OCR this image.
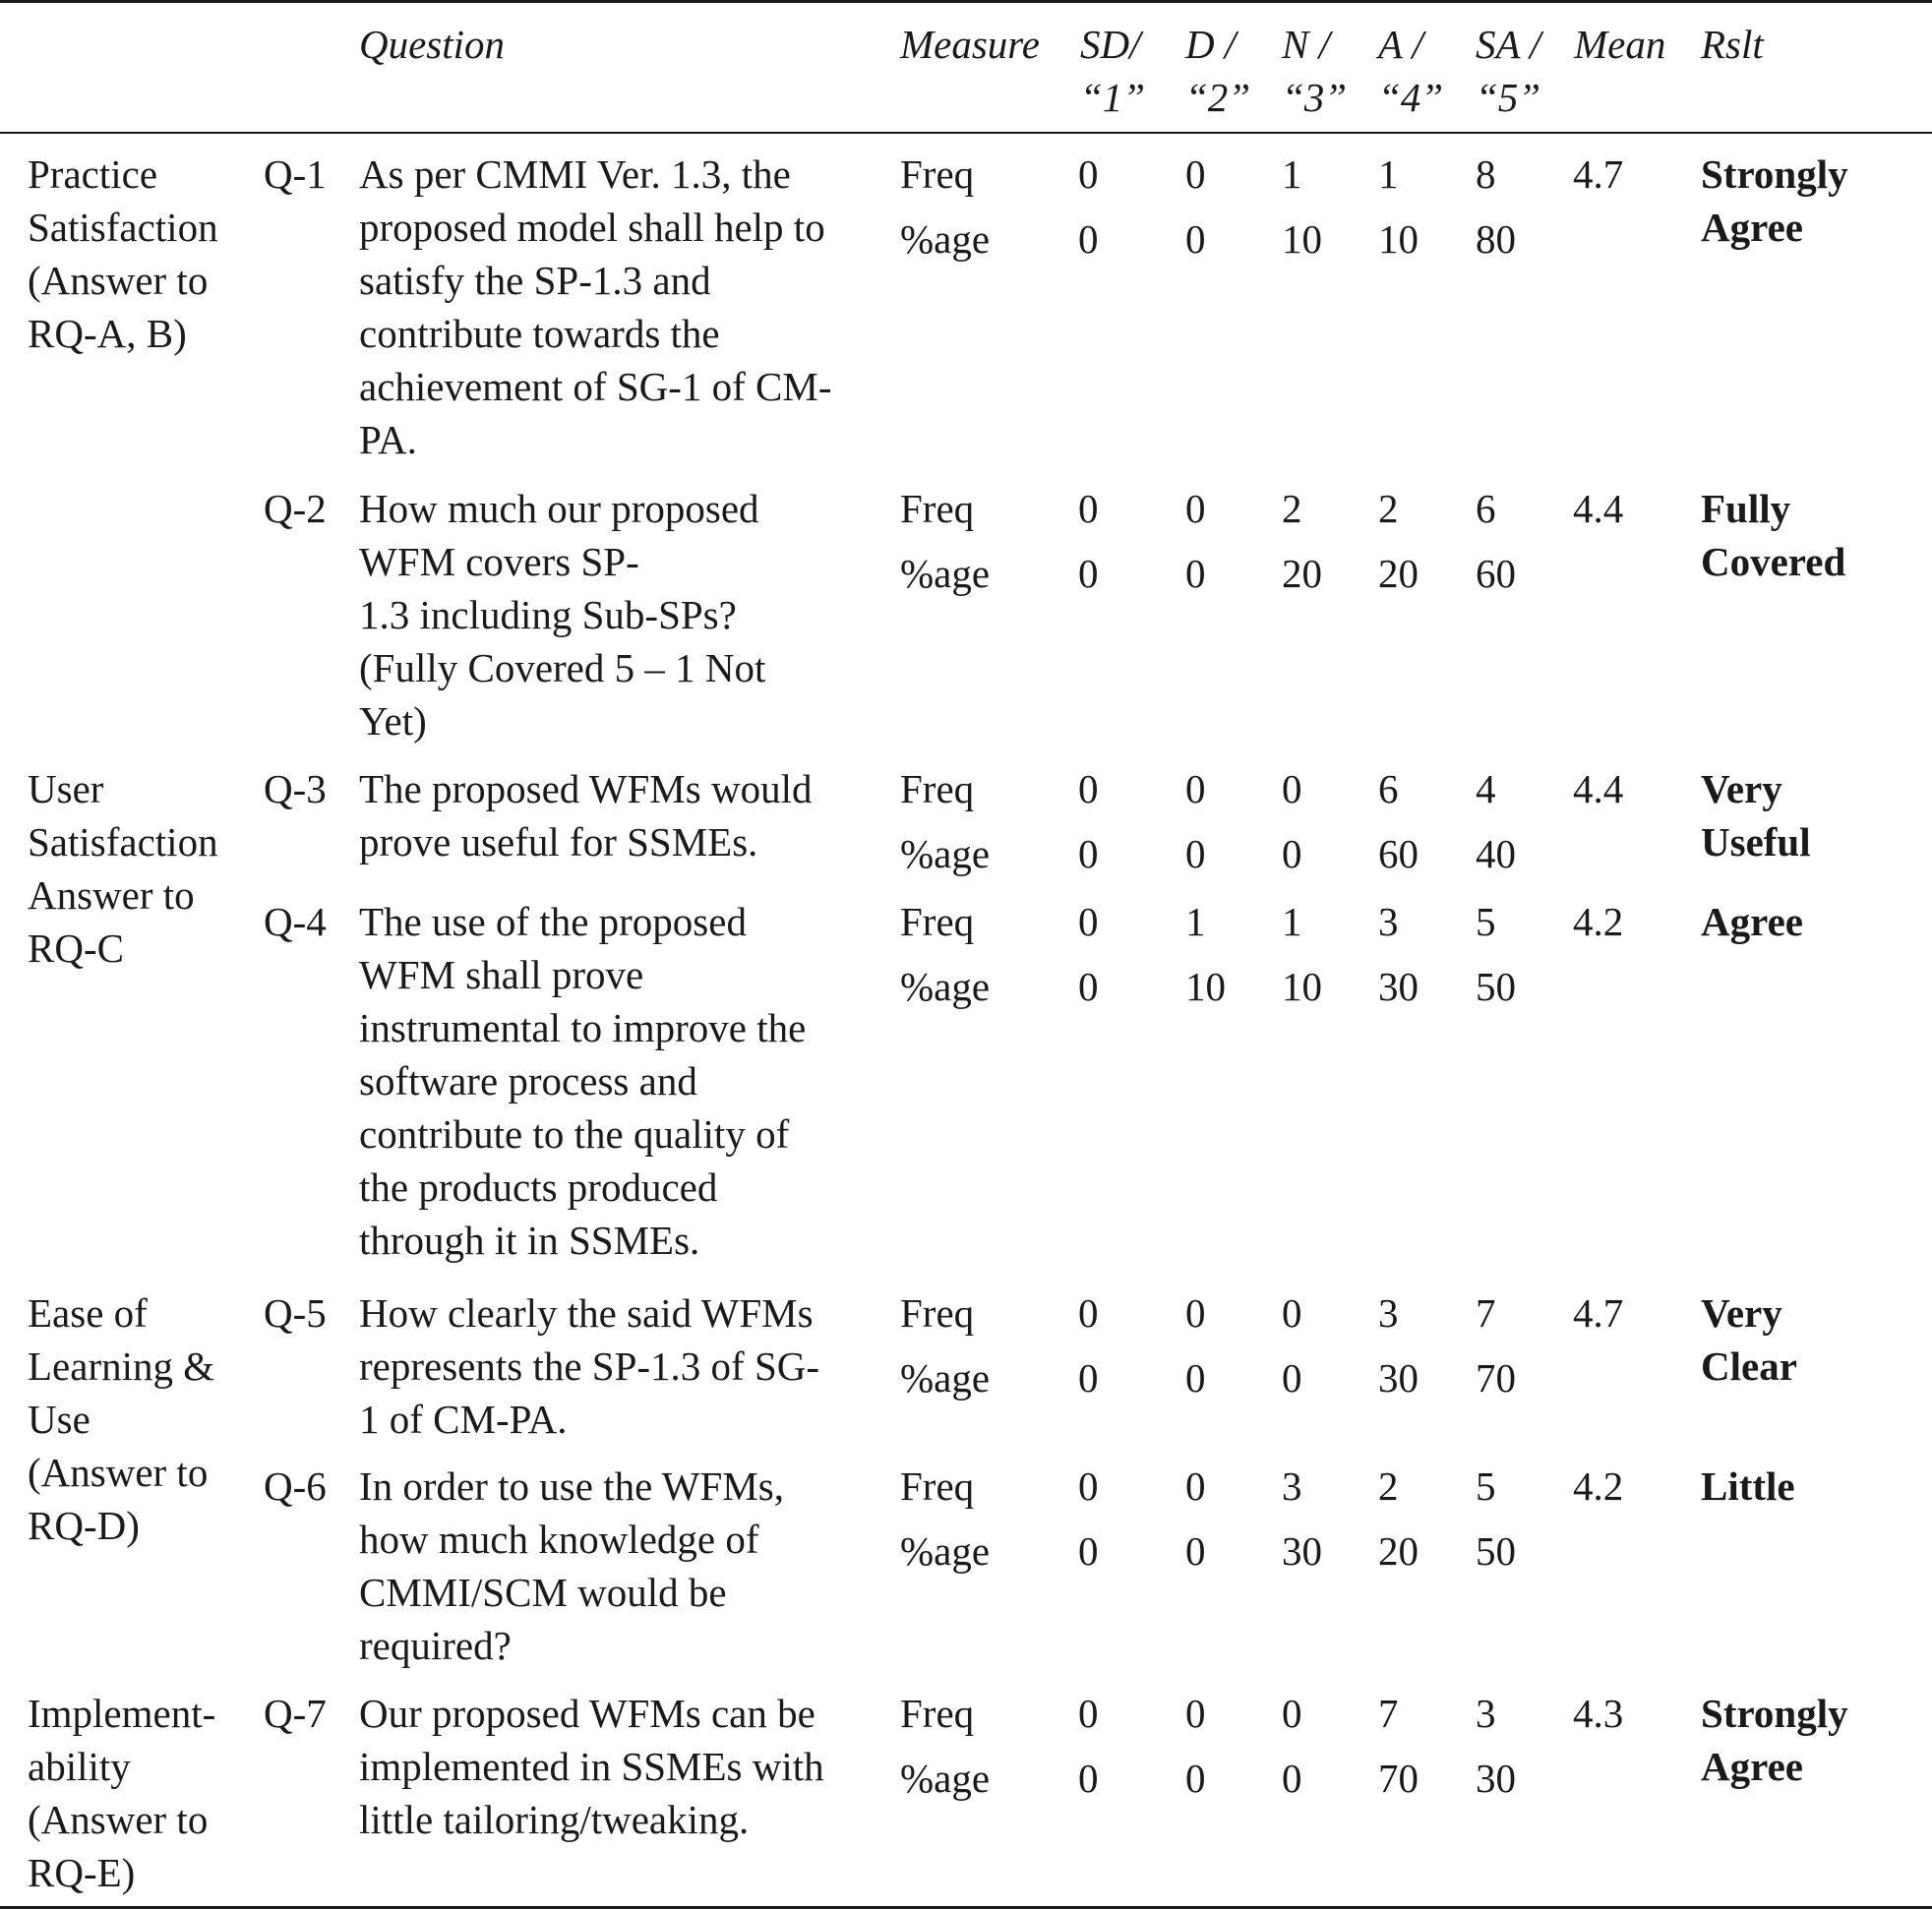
Question	Measure SD/
“1”
D /
“2”
N /
“3”
A /
“4”
SA /
“5”
Mean Rslt
Practice
Satisfaction
(Answer to
RQ-A, B)
User
Satisfaction
Answer to
RQ-C
Ease of
Learning &
Use
(Answer to
RQ-D)
Implement-
ability
(Answer to
RQ-E)
Q-1 As per CMMI Ver. 1.3, the
proposed model shall help to
satisfy the SP-1.3 and
contribute towards the
achievement of SG-1 of CM-
PA.
Freq
%age
0 0 1 1 8
0 0 10 10 80
4.7 Strongly
Agree
Q-2 How much our proposed
WFM covers SP-
1.3 including Sub-SPs?
(Fully Covered 5 – 1 Not
Yet)
Freq
%age
0 0 2 2 6
0 0 20 20 60
4.4 Fully
Covered
Q-3 The proposed WFMs would
prove useful for SSMEs.
Freq
%age
0 0 0 6 4
0 0 0 60 40
4.4 Very
Useful
Q-4 The use of the proposed
WFM shall prove
instrumental to improve the
software process and
contribute to the quality of
the products produced
through it in SSMEs.
Freq
%age
0 1 1 3 5
0 10 10 30 50
4.2 Agree
Q-5 How clearly the said WFMs
represents the SP-1.3 of SG-
1 of CM-PA.
Freq
%age
0 0 0 3 7
0 0 0 30 70
4.7 Very
Clear
Q-6 In order to use the WFMs,
how much knowledge of
CMMI/SCM would be
required?
Freq
%age
0 0 3 2 5
0 0 30 20 50
4.2 Little
Q-7 Our proposed WFMs can be
implemented in SSMEs with
little tailoring/tweaking.
Freq
%age
0 0 0 7 3
0 0 0 70 30
4.3 Strongly
Agree
